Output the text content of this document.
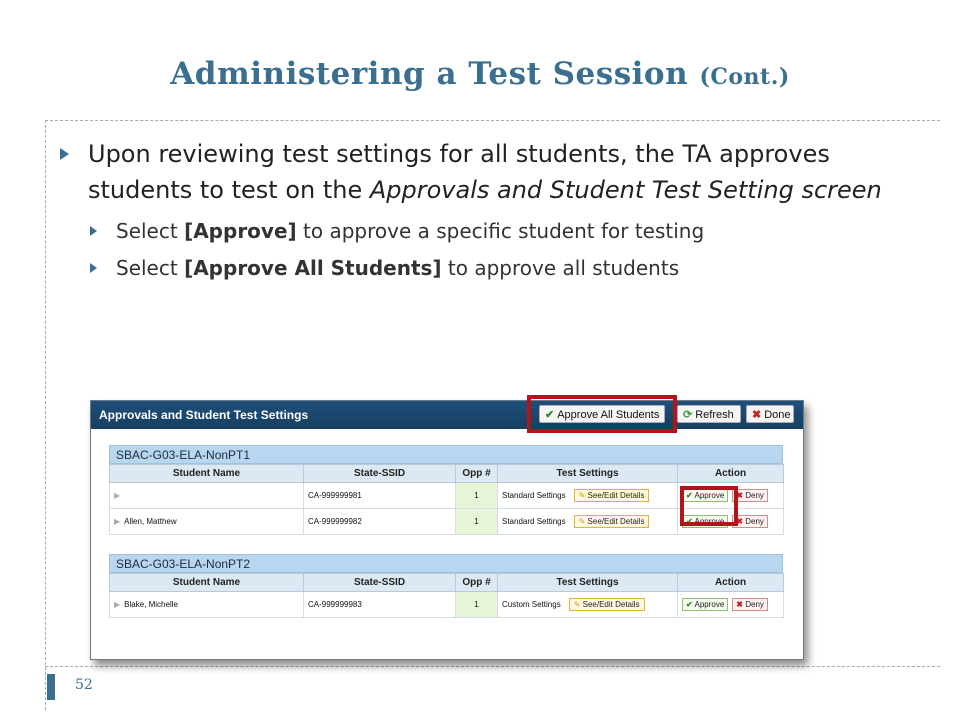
Administering a Test Session (Cont.)
Upon reviewing test settings for all students, the TA approves students to test on the Approvals and Student Test Setting screen
Select [Approve] to approve a specific student for testing
Select [Approve All Students] to approve all students
Approvals and Student Test Settings	✔ Approve All Students	⟳ Refresh	✖ Done
SBAC-G03-ELA-NonPT1
Student Name	State-SSID	Opp #	Test Settings	Action
▶	CA-999999981	1	Standard Settings ✎ See/Edit Details	✔ Approve ✖ Deny
▶ Allen, Matthew	CA-999999982	1	Standard Settings ✎ See/Edit Details	✔ Approve ✖ Deny
SBAC-G03-ELA-NonPT2
Student Name	State-SSID	Opp #	Test Settings	Action
▶ Blake, Michelle	CA-999999983	1	Custom Settings ✎ See/Edit Details	✔ Approve ✖ Deny
52
